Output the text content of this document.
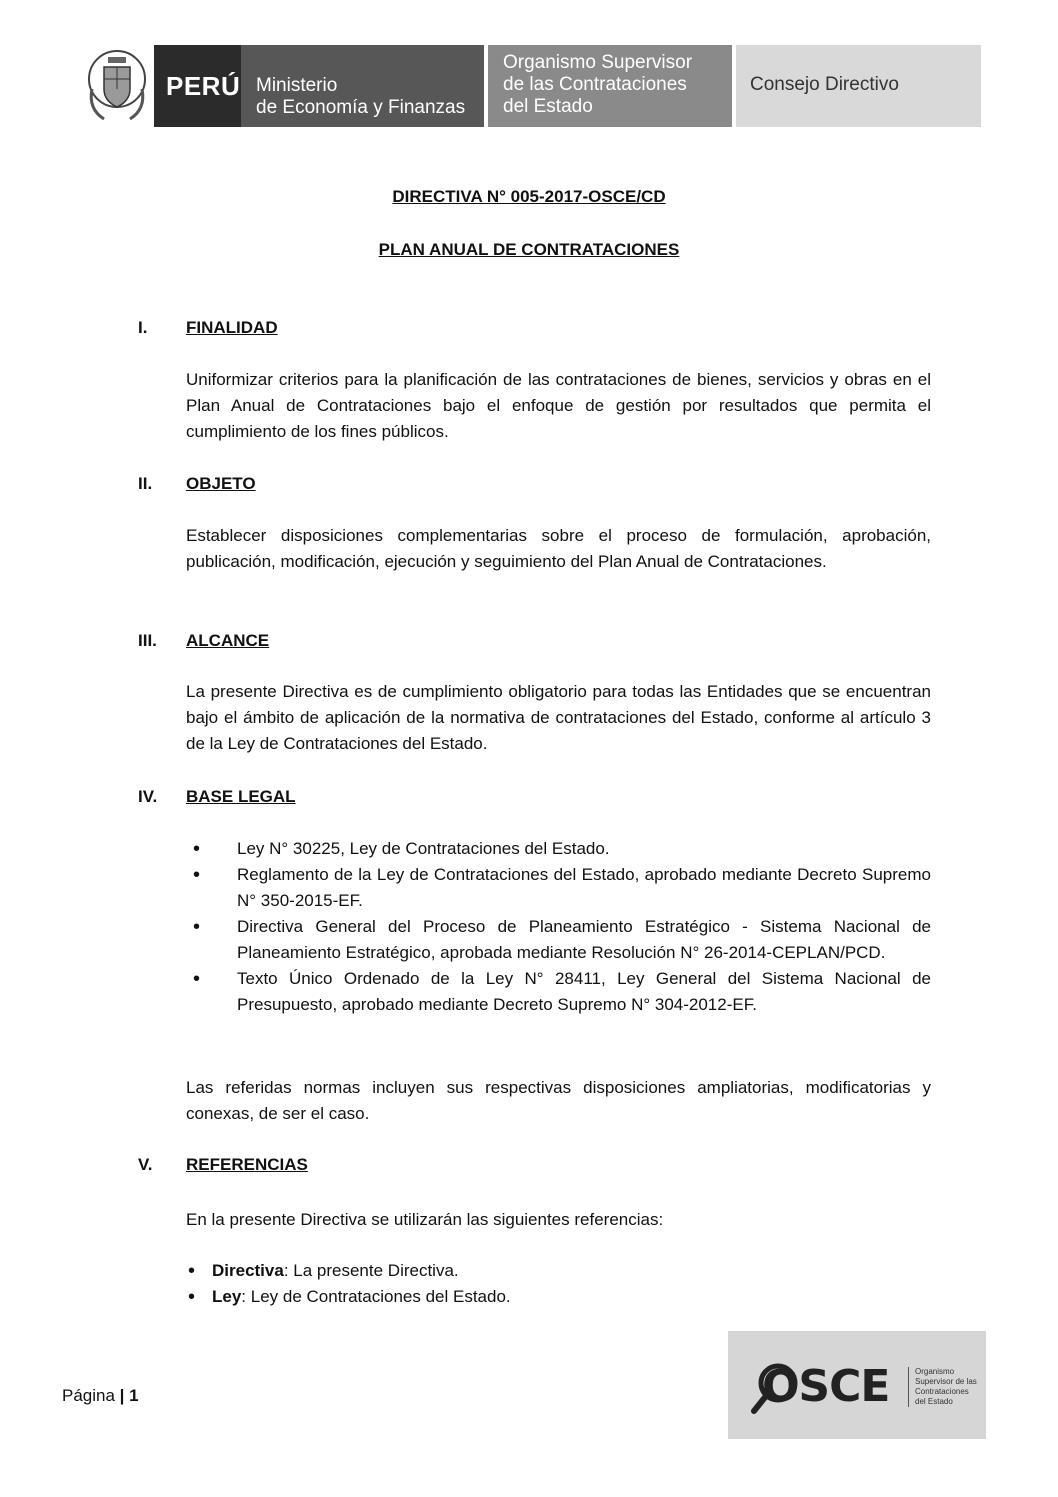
PERÚ Ministerio
de Economía y Finanzas
Organismo Supervisor
de las Contrataciones
del Estado
Consejo Directivo
DIRECTIVA N° 005-2017-OSCE/CD
PLAN ANUAL DE CONTRATACIONES
I. FINALIDAD
Uniformizar criterios para la planificación de las contrataciones de bienes, servicios y obras en el Plan Anual de Contrataciones bajo el enfoque de gestión por resultados que permita el cumplimiento de los fines públicos.
II. OBJETO
Establecer disposiciones complementarias sobre el proceso de formulación, aprobación, publicación, modificación, ejecución y seguimiento del Plan Anual de Contrataciones.
III. ALCANCE
La presente Directiva es de cumplimiento obligatorio para todas las Entidades que se encuentran bajo el ámbito de aplicación de la normativa de contrataciones del Estado, conforme al artículo 3 de la Ley de Contrataciones del Estado.
IV. BASE LEGAL
• Ley N° 30225, Ley de Contrataciones del Estado.
• Reglamento de la Ley de Contrataciones del Estado, aprobado mediante Decreto Supremo N° 350-2015-EF.
• Directiva General del Proceso de Planeamiento Estratégico - Sistema Nacional de Planeamiento Estratégico, aprobada mediante Resolución N° 26-2014-CEPLAN/PCD.
• Texto Único Ordenado de la Ley N° 28411, Ley General del Sistema Nacional de Presupuesto, aprobado mediante Decreto Supremo N° 304-2012-EF.
Las referidas normas incluyen sus respectivas disposiciones ampliatorias, modificatorias y conexas, de ser el caso.
V. REFERENCIAS
En la presente Directiva se utilizarán las siguientes referencias:
• Directiva: La presente Directiva.
• Ley: Ley de Contrataciones del Estado.
Página | 1	OSCE	Organismo
Supervisor de las
Contrataciones
del Estado
